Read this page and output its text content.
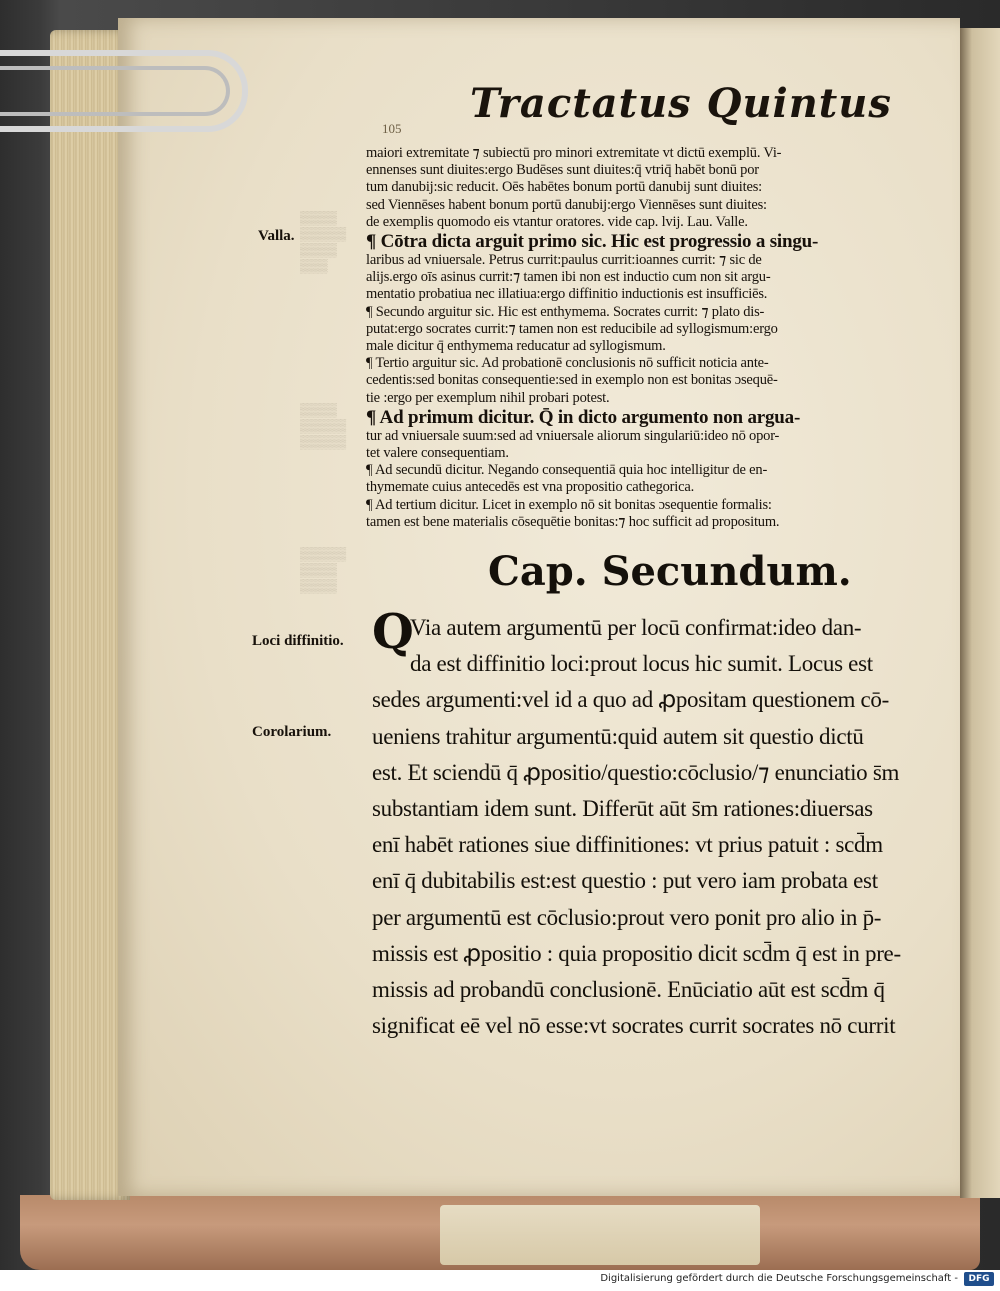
▒▒▒▒
▒▒▒▒▒
▒▒▒▒
▒▒▒

▒▒▒▒
▒▒▒▒▒
▒▒▒▒▒

▒▒▒▒▒
▒▒▒▒
▒▒▒▒
Tractatus Quintus
105
maiori extremitate ⁊ subiectū pro minori extremitate vt dictū exemplū. Vi-
ennenses sunt diuites:ergo Budēses sunt diuites:q̄ vtriq̄ habēt bonū por
tum danubij:sic reducit. Oēs habētes bonum portū danubij sunt diuites:
sed Viennēses habent bonum portū danubij:ergo Viennēses sunt diuites:
de exemplis quomodo eis vtantur oratores. vide cap. lvij. Lau. Valle.
¶ Cōtra dicta arguit primo sic. Hic est progressio a singu-
laribus ad vniuersale. Petrus currit:paulus currit:ioannes currit: ⁊ sic de
alijs.ergo oīs asinus currit:⁊ tamen ibi non est inductio cum non sit argu-
mentatio probatiua nec illatiua:ergo diffinitio inductionis est insufficiēs.
¶ Secundo arguitur sic. Hic est enthymema. Socrates currit: ⁊ plato dis-
putat:ergo socrates currit:⁊ tamen non est reducibile ad syllogismum:ergo
male dicitur q̄ enthymema reducatur ad syllogismum.
¶ Tertio arguitur sic. Ad probationē conclusionis nō sufficit noticia ante-
cedentis:sed bonitas consequentie:sed in exemplo non est bonitas ɔsequē-
tie :ergo per exemplum nihil probari potest.
¶ Ad primum dicitur. Q̄ in dicto argumento non argua-
tur ad vniuersale suum:sed ad vniuersale aliorum singulariū:ideo nō opor-
tet valere consequentiam.
¶ Ad secundū dicitur. Negando consequentiā quia hoc intelligitur de en-
thymemate cuius antecedēs est vna propositio cathegorica.
¶ Ad tertium dicitur. Licet in exemplo nō sit bonitas ɔsequentie formalis:
tamen est bene materialis cōsequētie bonitas:⁊ hoc sufficit ad propositum.
Cap. Secundum.
Q
Via autem argumentū per locū confirmat:ideo dan-
da est diffinitio loci:prout locus hic sumit. Locus est
sedes argumenti:vel id a quo ad ꝓpositam questionem cō-
ueniens trahitur argumentū:quid autem sit questio dictū
est. Et sciendū q̄ ꝓpositio/questio:cōclusio/⁊ enunciatio s̄m
substantiam idem sunt. Differūt aūt s̄m rationes:diuersas
enī habēt rationes siue diffinitiones: vt prius patuit : scd̄m
enī q̄ dubitabilis est:est questio : put vero iam probata est
per argumentū est cōclusio:prout vero ponit pro alio in p̄-
missis est ꝓpositio : quia propositio dicit scd̄m q̄ est in pre-
missis ad probandū conclusionē. Enūciatio aūt est scd̄m q̄
significat eē vel nō esse:vt socrates currit socrates nō currit
Valla.
Loci diffinitio.
Corolarium.
Digitalisierung gefördert durch die Deutsche Forschungsgemeinschaft -	DFG
